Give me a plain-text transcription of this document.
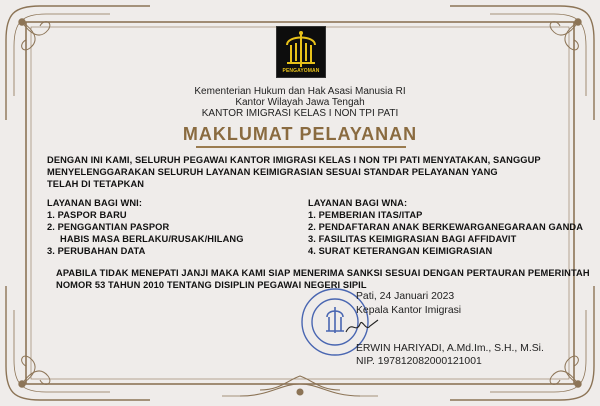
PENGAYOMAN
Kementerian Hukum dan Hak Asasi Manusia RI
Kantor Wilayah Jawa Tengah
KANTOR IMIGRASI KELAS I NON TPI PATI
MAKLUMAT PELAYANAN
DENGAN INI KAMI, SELURUH PEGAWAI KANTOR IMIGRASI KELAS I NON TPI PATI MENYATAKAN, SANGGUP
MENYELENGGARAKAN SELURUH LAYANAN KEIMIGRASIAN SESUAI STANDAR PELAYANAN YANG
TELAH DI TETAPKAN
LAYANAN BAGI WNI:
1. PASPOR BARU
2. PENGGANTIAN PASPOR
HABIS MASA BERLAKU/RUSAK/HILANG
3. PERUBAHAN DATA
LAYANAN BAGI WNA:
1. PEMBERIAN ITAS/ITAP
2. PENDAFTARAN ANAK BERKEWARGANEGARAAN GANDA
3. FASILITAS KEIMIGRASIAN BAGI AFFIDAVIT
4. SURAT KETERANGAN KEIMIGRASIAN
APABILA TIDAK MENEPATI JANJI MAKA KAMI SIAP MENERIMA SANKSI SESUAI DENGAN PERTAURAN PEMERINTAH
NOMOR 53 TAHUN 2010 TENTANG DISIPLIN PEGAWAI NEGERI SIPIL
Pati, 24 Januari 2023
Kepala Kantor Imigrasi
ERWIN HARIYADI, A.Md.Im., S.H., M.Si.
NIP. 197812082000121001
